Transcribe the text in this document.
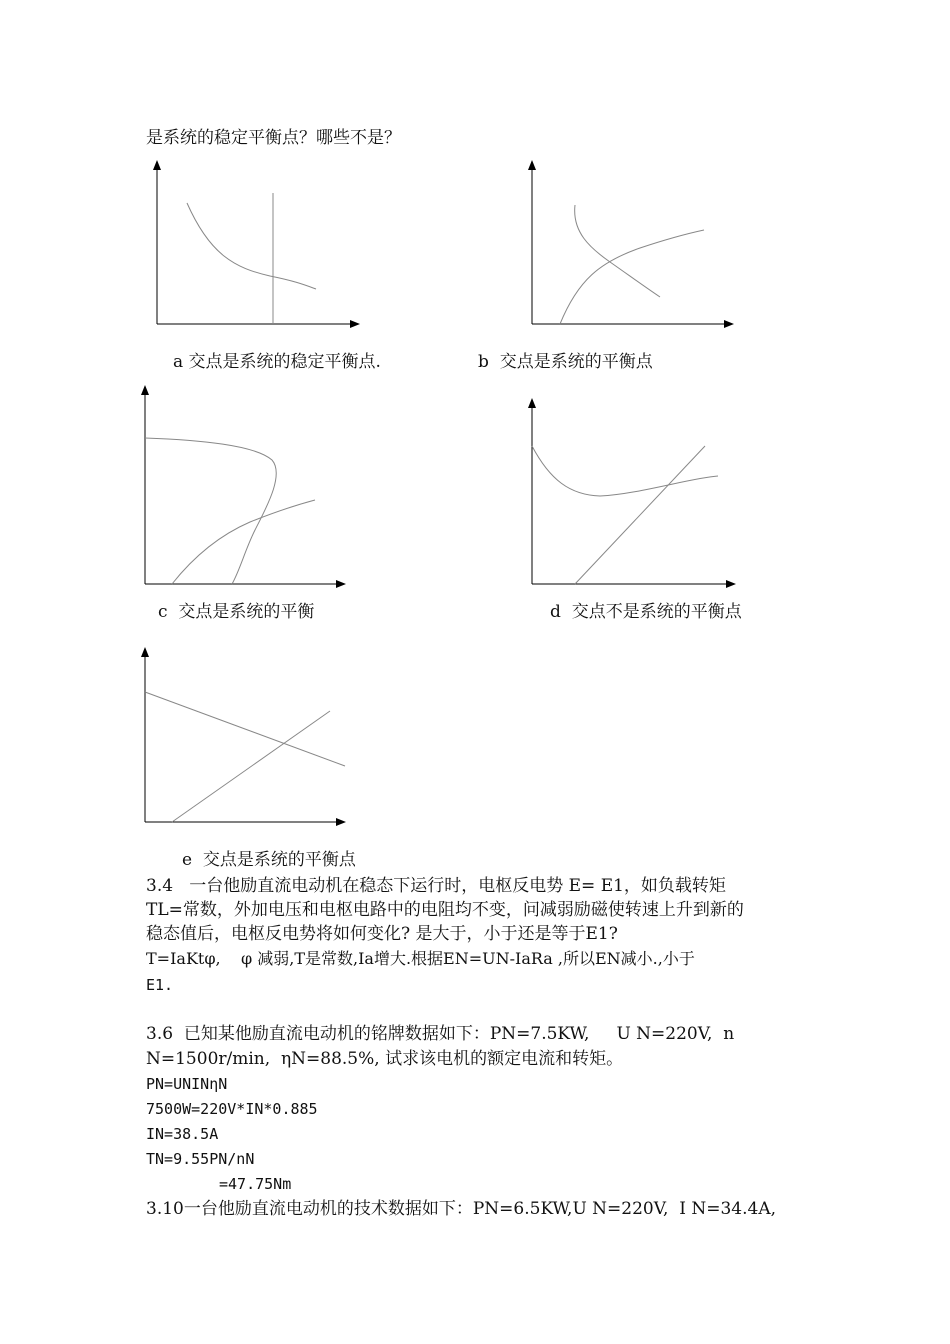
是系统的稳定平衡点？哪些不是？
a 交点是系统的稳定平衡点.	b  交点是系统的平衡点
c  交点是系统的平衡	d  交点不是系统的平衡点
e  交点是系统的平衡点
3.4   一台他励直流电动机在稳态下运行时，电枢反电势 E= E1，如负载转矩
TL=常数，外加电压和电枢电路中的电阻均不变，问减弱励磁使转速上升到新的
稳态值后，电枢反电势将如何变化? 是大于，小于还是等于E1?
T=IaKtφ,    φ 减弱,T是常数,Ia增大.根据EN=UN-IaRa ,所以EN减小.,小于
E1.
3.6  已知某他励直流电动机的铭牌数据如下：PN=7.5KW,     U N=220V,  n
N=1500r/min,  ηN=88.5%, 试求该电机的额定电流和转矩。
PN=UNINηN
7500W=220V*IN*0.885
IN=38.5A
TN=9.55PN/nN
=47.75Nm
3.10一台他励直流电动机的技术数据如下：PN=6.5KW,U N=220V,  I N=34.4A,
